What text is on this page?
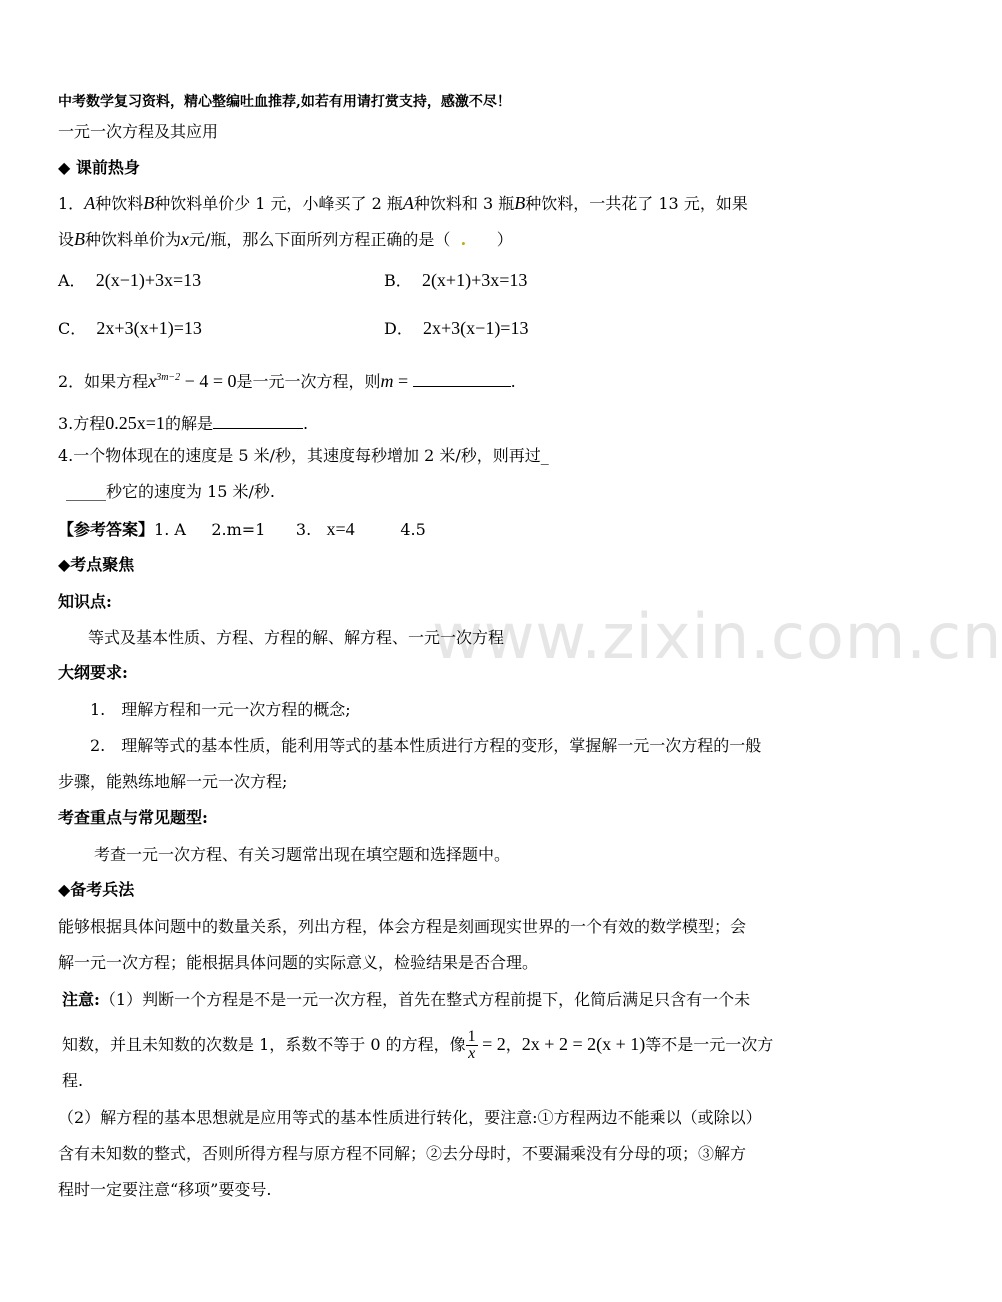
www.zixin.com.cn
中考数学复习资料，精心整编吐血推荐,如若有用请打赏支持，感激不尽！
一元一次方程及其应用
◆ 课前热身
1．A种饮料B种饮料单价少 1 元，小峰买了 2 瓶A种饮料和 3 瓶B种饮料，一共花了 13 元，如果
设B种饮料单价为x元/瓶，那么下面所列方程正确的是（ . ）
A． 2(x−1)+3x=13	B． 2(x+1)+3x=13
C． 2x+3(x+1)=13	D． 2x+3(x−1)=13
2．如果方程$x^{3m-2} - 4 = 0$是一元一次方程，则m =	.
3.方程0.25x=1的解是	.
4.一个物体现在的速度是 5 米/秒，其速度每秒增加 2 米/秒，则再过_
_____秒它的速度为 15 米/秒.
【参考答案】1. A 2.m=1 3. x=4	4.5
◆考点聚焦
知识点:
等式及基本性质、方程、方程的解、解方程、一元一次方程
大纲要求:
1.　理解方程和一元一次方程的概念;
2.　理解等式的基本性质，能利用等式的基本性质进行方程的变形，掌握解一元一次方程的一般
步骤，能熟练地解一元一次方程;
考查重点与常见题型:
考查一元一次方程、有关习题常出现在填空题和选择题中。
◆备考兵法
能够根据具体问题中的数量关系，列出方程，体会方程是刻画现实世界的一个有效的数学模型；会
解一元一次方程；能根据具体问题的实际意义，检验结果是否合理。
注意:（1）判断一个方程是不是一元一次方程，首先在整式方程前提下，化简后满足只含有一个未
知数，并且未知数的次数是 1，系数不等于 0 的方程，像 $\frac{1}{x} = 2$，2x + 2 = 2(x + 1)等不是一元一次方
程.
（2）解方程的基本思想就是应用等式的基本性质进行转化，要注意:①方程两边不能乘以（或除以）
含有未知数的整式，否则所得方程与原方程不同解；②去分母时，不要漏乘没有分母的项；③解方
程时一定要注意“移项”要变号.
